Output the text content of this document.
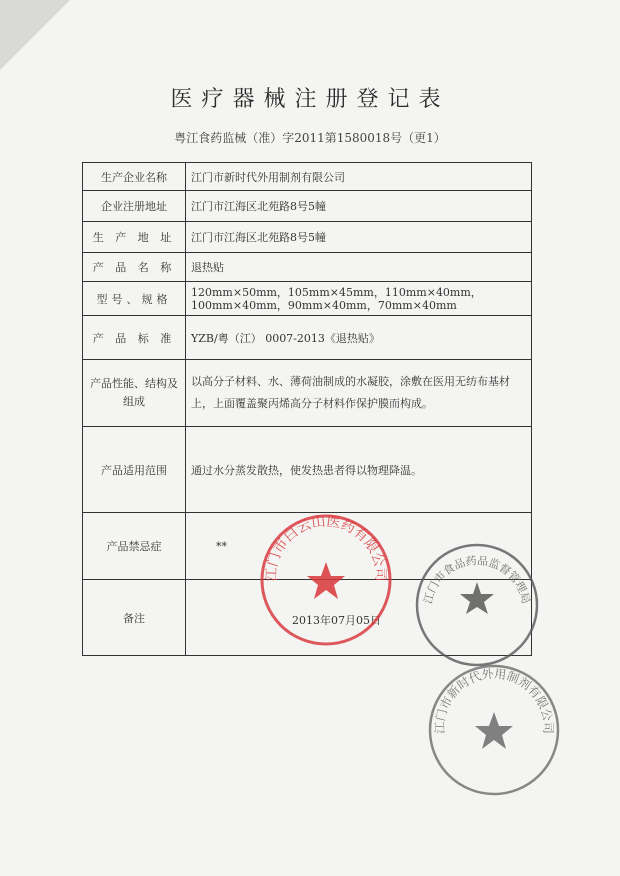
医疗器械注册登记表
粤江食药监械（准）字2011第1580018号（更1）
生产企业名称	江门市新时代外用制剂有限公司
企业注册地址	江门市江海区北苑路8号5幢
生 产 地 址	江门市江海区北苑路8号5幢
产 品 名 称	退热贴
型号、规格	120mm×50mm，105mm×45mm，110mm×40mm，100mm×40mm，90mm×40mm，70mm×40mm
产 品 标 准	YZB/粤（江） 0007-2013《退热贴》
产品性能、结构及组成	以高分子材料、水、薄荷油制成的水凝胶，涂敷在医用无纺布基材上，上面覆盖聚丙烯高分子材料作保护膜而构成。
产品适用范围	通过水分蒸发散热，使发热患者得以物理降温。
产品禁忌症	**
备注		2013年07月05日
江门市白云山医药有限公司
江门市食品药品监督管理局
江门市新时代外用制剂有限公司
